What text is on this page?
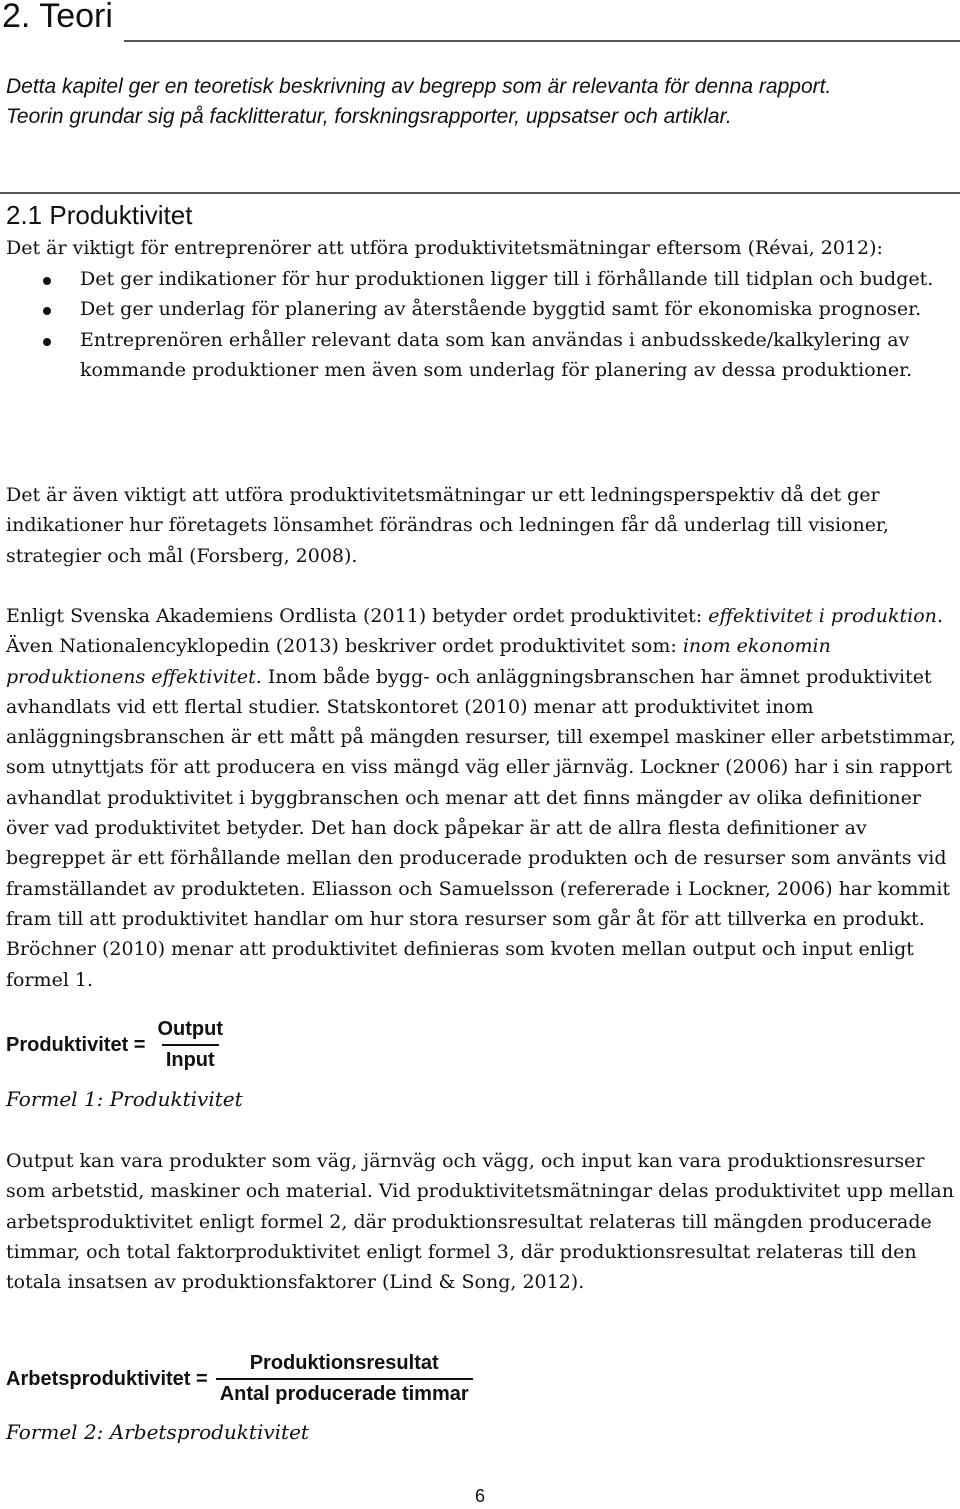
2. Teori
Detta kapitel ger en teoretisk beskrivning av begrepp som är relevanta för denna rapport.
Teorin grundar sig på facklitteratur, forskningsrapporter, uppsatser och artiklar.
2.1 Produktivitet
Det är viktigt för entreprenörer att utföra produktivitetsmätningar eftersom (Révai, 2012):
Det ger indikationer för hur produktionen ligger till i förhållande till tidplan och budget.
Det ger underlag för planering av återstående byggtid samt för ekonomiska prognoser.
Entreprenören erhåller relevant data som kan användas i anbudsskede/kalkylering av kommande produktioner men även som underlag för planering av dessa produktioner.
Det är även viktigt att utföra produktivitetsmätningar ur ett ledningsperspektiv då det ger indikationer hur företagets lönsamhet förändras och ledningen får då underlag till visioner, strategier och mål (Forsberg, 2008).
Enligt Svenska Akademiens Ordlista (2011) betyder ordet produktivitet: effektivitet i produktion. Även Nationalencyklopedin (2013) beskriver ordet produktivitet som: inom ekonomin produktionens effektivitet. Inom både bygg- och anläggningsbranschen har ämnet produktivitet avhandlats vid ett flertal studier. Statskontoret (2010) menar att produktivitet inom anläggningsbranschen är ett mått på mängden resurser, till exempel maskiner eller arbetstimmar, som utnyttjats för att producera en viss mängd väg eller järnväg. Lockner (2006) har i sin rapport avhandlat produktivitet i byggbranschen och menar att det finns mängder av olika definitioner över vad produktivitet betyder. Det han dock påpekar är att de allra flesta definitioner av begreppet är ett förhållande mellan den producerade produkten och de resurser som använts vid framställandet av produkteten. Eliasson och Samuelsson (refererade i Lockner, 2006) har kommit fram till att produktivitet handlar om hur stora resurser som går åt för att tillverka en produkt. Bröchner (2010) menar att produktivitet definieras som kvoten mellan output och input enligt formel 1.
Produktivitet = $\frac{\text{Output}}{\text{Input}}$
Formel 1: Produktivitet
Output kan vara produkter som väg, järnväg och vägg, och input kan vara produktionsresurser som arbetstid, maskiner och material. Vid produktivitetsmätningar delas produktivitet upp mellan arbetsproduktivitet enligt formel 2, där produktionsresultat relateras till mängden producerade timmar, och total faktorproduktivitet enligt formel 3, där produktionsresultat relateras till den totala insatsen av produktionsfaktorer (Lind & Song, 2012).
Arbetsproduktivitet = $\frac{\text{Produktionsresultat}}{\text{Antal producerade timmar}}$
Formel 2: Arbetsproduktivitet
6
